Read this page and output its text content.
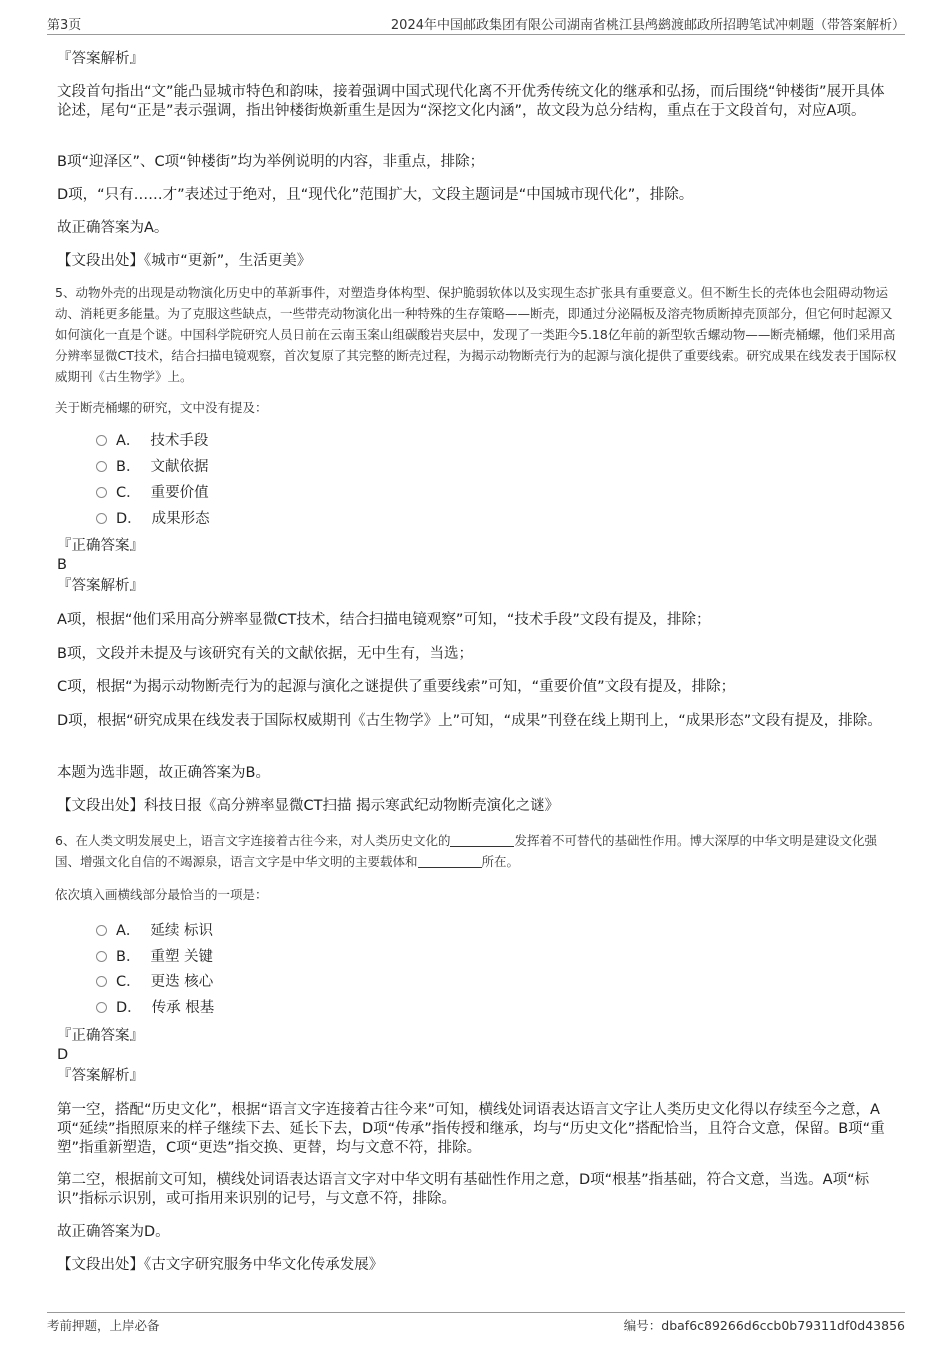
第3页	2024年中国邮政集团有限公司湖南省桃江县鸬鹚渡邮政所招聘笔试冲刺题（带答案解析）
『答案解析』
文段首句指出“文”能凸显城市特色和韵味，接着强调中国式现代化离不开优秀传统文化的继承和弘扬，而后围绕“钟楼街”展开具体论述，尾句“正是”表示强调，指出钟楼街焕新重生是因为“深挖文化内涵”，故文段为总分结构，重点在于文段首句，对应A项。
B项“迎泽区”、C项“钟楼街”均为举例说明的内容，非重点，排除；
D项，“只有……才”表述过于绝对，且“现代化”范围扩大，文段主题词是“中国城市现代化”，排除。
故正确答案为A。
【文段出处】《城市“更新”，生活更美》
5、动物外壳的出现是动物演化历史中的革新事件，对塑造身体构型、保护脆弱软体以及实现生态扩张具有重要意义。但不断生长的壳体也会阻碍动物运动、消耗更多能量。为了克服这些缺点，一些带壳动物演化出一种特殊的生存策略——断壳，即通过分泌隔板及溶壳物质断掉壳顶部分，但它何时起源又如何演化一直是个谜。中国科学院研究人员日前在云南玉案山组碳酸岩夹层中，发现了一类距今5.18亿年前的新型软舌螺动物——断壳桶螺，他们采用高分辨率显微CT技术，结合扫描电镜观察，首次复原了其完整的断壳过程，为揭示动物断壳行为的起源与演化提供了重要线索。研究成果在线发表于国际权威期刊《古生物学》上。
关于断壳桶螺的研究，文中没有提及：
A． 技术手段
B． 文献依据
C． 重要价值
D． 成果形态
『正确答案』
B
『答案解析』
A项，根据“他们采用高分辨率显微CT技术，结合扫描电镜观察”可知，“技术手段”文段有提及，排除；
B项，文段并未提及与该研究有关的文献依据，无中生有，当选；
C项，根据“为揭示动物断壳行为的起源与演化之谜提供了重要线索”可知，“重要价值”文段有提及，排除；
D项，根据“研究成果在线发表于国际权威期刊《古生物学》上”可知，“成果”刊登在线上期刊上，“成果形态”文段有提及，排除。
本题为选非题，故正确答案为B。
【文段出处】科技日报《高分辨率显微CT扫描 揭示寒武纪动物断壳演化之谜》
6、在人类文明发展史上，语言文字连接着古往今来，对人类历史文化的	发挥着不可替代的基础性作用。博大深厚的中华文明是建设文化强国、增强文化自信的不竭源泉，语言文字是中华文明的主要载体和	所在。
依次填入画横线部分最恰当的一项是：
A． 延续 标识
B． 重塑 关键
C． 更迭 核心
D． 传承 根基
『正确答案』
D
『答案解析』
第一空，搭配“历史文化”，根据“语言文字连接着古往今来”可知，横线处词语表达语言文字让人类历史文化得以存续至今之意，A项“延续”指照原来的样子继续下去、延长下去，D项“传承”指传授和继承，均与“历史文化”搭配恰当，且符合文意，保留。B项“重塑”指重新塑造，C项“更迭”指交换、更替，均与文意不符，排除。
第二空，根据前文可知，横线处词语表达语言文字对中华文明有基础性作用之意，D项“根基”指基础，符合文意，当选。A项“标识”指标示识别，或可指用来识别的记号，与文意不符，排除。
故正确答案为D。
【文段出处】《古文字研究服务中华文化传承发展》
考前押题，上岸必备	编号：dbaf6c89266d6ccb0b79311df0d43856
